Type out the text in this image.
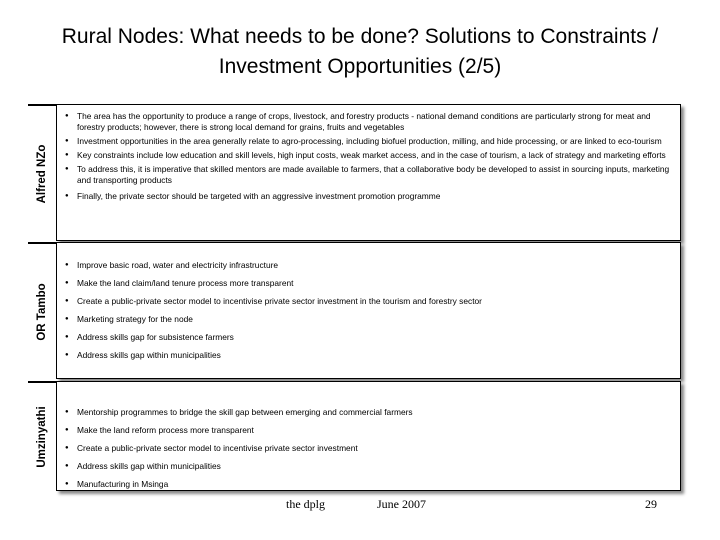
Rural Nodes: What needs to be done? Solutions to Constraints / Investment Opportunities (2/5)
Alfred NZo
● The area has the opportunity to produce a range of crops, livestock, and forestry products - national demand conditions are particularly strong for meat and forestry products; however, there is strong local demand for grains, fruits and vegetables
● Investment opportunities in the area generally relate to agro-processing, including biofuel production, milling, and hide processing, or are linked to eco-tourism
● Key constraints include low education and skill levels, high input costs, weak market access, and in the case of tourism, a lack of strategy and marketing efforts
● To address this, it is imperative that skilled mentors are made available to farmers, that a collaborative body be developed to assist in sourcing inputs, marketing and transporting products
● Finally, the private sector should be targeted with an aggressive investment promotion programme
OR Tambo
● Improve basic road, water and electricity infrastructure
● Make the land claim/land tenure process more transparent
● Create a public-private sector model to incentivise private sector investment in the tourism and forestry sector
● Marketing strategy for the node
● Address skills gap for subsistence farmers
● Address skills gap within municipalities
Umzinyathi
●	Mentorship programmes to bridge the skill gap between emerging and commercial farmers
● Make the land reform process more transparent
● Create a public-private sector model to incentivise private sector investment
● Address skills gap within municipalities
● Manufacturing in Msinga
the dplg	June 2007	29
